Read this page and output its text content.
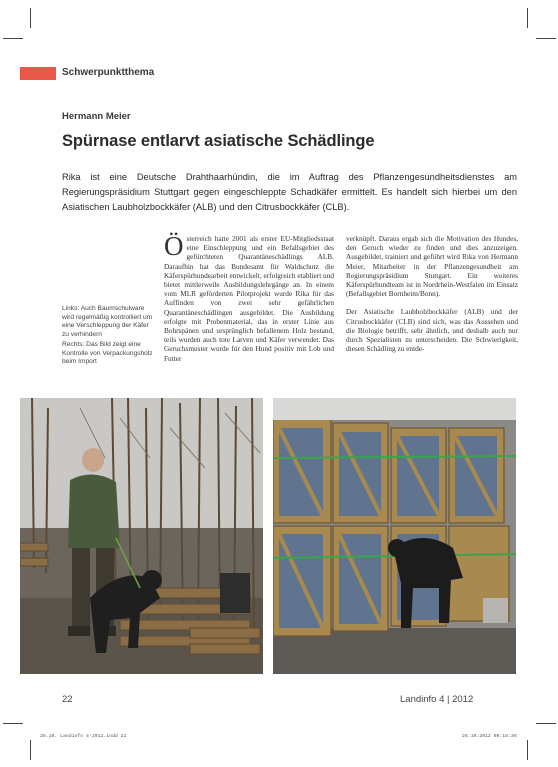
Schwerpunktthema
Hermann Meier
Spürnase entlarvt asiatische Schädlinge
Rika ist eine Deutsche Drahthaarhündin, die im Auftrag des Pflanzengesundheitsdienstes am Regierungspräsidium Stuttgart gegen eingeschleppte Schadkäfer ermittelt. Es handelt sich hierbei um den Asiatischen Laubholzbockkäfer (ALB) und den Citrusbockkäfer (CLB).
Links: Auch Baumschulware wird regelmäßig kontrolliert um eine Verschleppung der Käfer zu verhindern
Rechts: Das Bild zeigt eine Kontrolle von Verpackungsholz beim Import

Österreich hatte 2001 als erster EU-Mitgliedsstaat eine Einschleppung und ein Befallsgebiet des gefürchteten Quarantäneschädlings ALB. Daraufhin hat das Bundesamt für Waldschutz die Käferspürhundearbeit entwickelt, erfolgreich etabliert und bietet mittlerweile Ausbildungslehrgänge an. In einem vom MLR geförderten Pilotprojekt wurde Rika für das Auffinden von zwei sehr gefährlichen Quarantäneschädlingen ausgebildet. Die Ausbildung erfolgte mit Probenmaterial, das in erster Linie aus Bohrspänen und ursprünglich befallenem Holz bestand, teils wurden auch tote Larven und Käfer verwendet. Das Geruchsmuster wurde für den Hund positiv mit Lob und Futter

verknüpft. Daraus ergab sich die Motivation des Hundes, den Geruch wieder zu finden und dies anzuzeigen. Ausgebildet, trainiert und geführt wird Rika von Hermann Meier, Mitarbeiter in der Pflanzengesundheit am Regierungspräsidium Stuttgart. Ein weiteres Käferspürhundteam ist in Nordrhein-Westfalen im Einsatz (Befallsgebiet Bornheim/Bonn).

Der Asiatische Laubholzbockkäfer (ALB) und der Citrusbockkäfer (CLB) sind sich, was das Aussehen und die Biologie betrifft, sehr ähnlich, und deshalb auch nur durch Spezialisten zu unterscheiden. Die Schwierigkeit, diesen Schädling zu entde-

22	Landinfo 4 | 2012
26.10. Landinfo 4-2012.indd 21	26.10.2012 09:18:36
